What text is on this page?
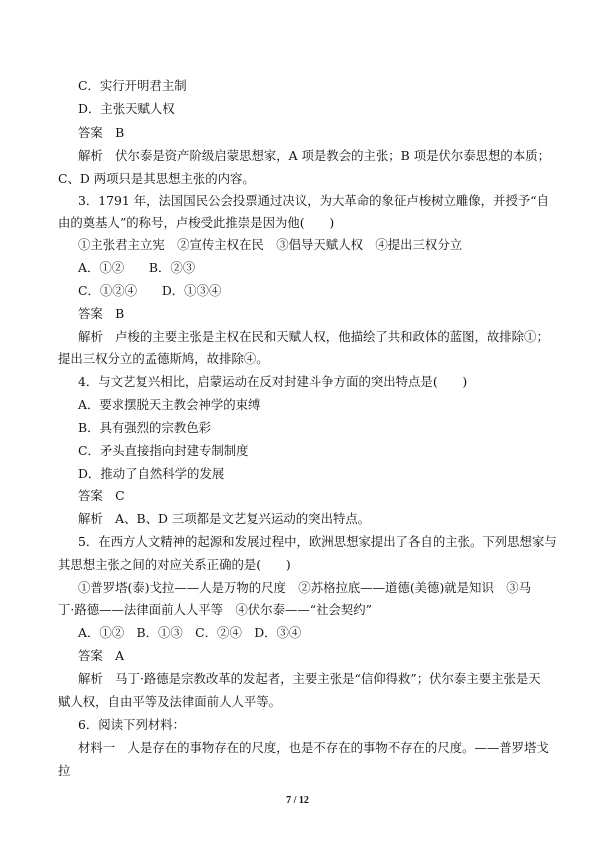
C．实行开明君主制
D．主张天赋人权
答案　B
解析　伏尔泰是资产阶级启蒙思想家，A 项是教会的主张；B 项是伏尔泰思想的本质；
C、D 两项只是其思想主张的内容。
3．1791 年，法国国民公会投票通过决议，为大革命的象征卢梭树立雕像，并授予“自
由的奠基人”的称号，卢梭受此推崇是因为他(　　)
①主张君主立宪　②宣传主权在民　③倡导天赋人权　④提出三权分立
A．①②　　B．②③
C．①②④　　D．①③④
答案　B
解析　卢梭的主要主张是主权在民和天赋人权，他描绘了共和政体的蓝图，故排除①；
提出三权分立的孟德斯鸠，故排除④。
4．与文艺复兴相比，启蒙运动在反对封建斗争方面的突出特点是(　　)
A．要求摆脱天主教会神学的束缚
B．具有强烈的宗教色彩
C．矛头直接指向封建专制制度
D．推动了自然科学的发展
答案　C
解析　A、B、D 三项都是文艺复兴运动的突出特点。
5．在西方人文精神的起源和发展过程中，欧洲思想家提出了各自的主张。下列思想家与
其思想主张之间的对应关系正确的是(　　)
①普罗塔(泰)戈拉——人是万物的尺度　②苏格拉底——道德(美德)就是知识　③马
丁·路德——法律面前人人平等　④伏尔泰——“社会契约”
A．①②　B．①③　C．②④　D．③④
答案　A
解析　马丁·路德是宗教改革的发起者，主要主张是“信仰得救”；伏尔泰主要主张是天
赋人权，自由平等及法律面前人人平等。
6．阅读下列材料：
材料一　人是存在的事物存在的尺度，也是不存在的事物不存在的尺度。——普罗塔戈
拉
7 / 12
